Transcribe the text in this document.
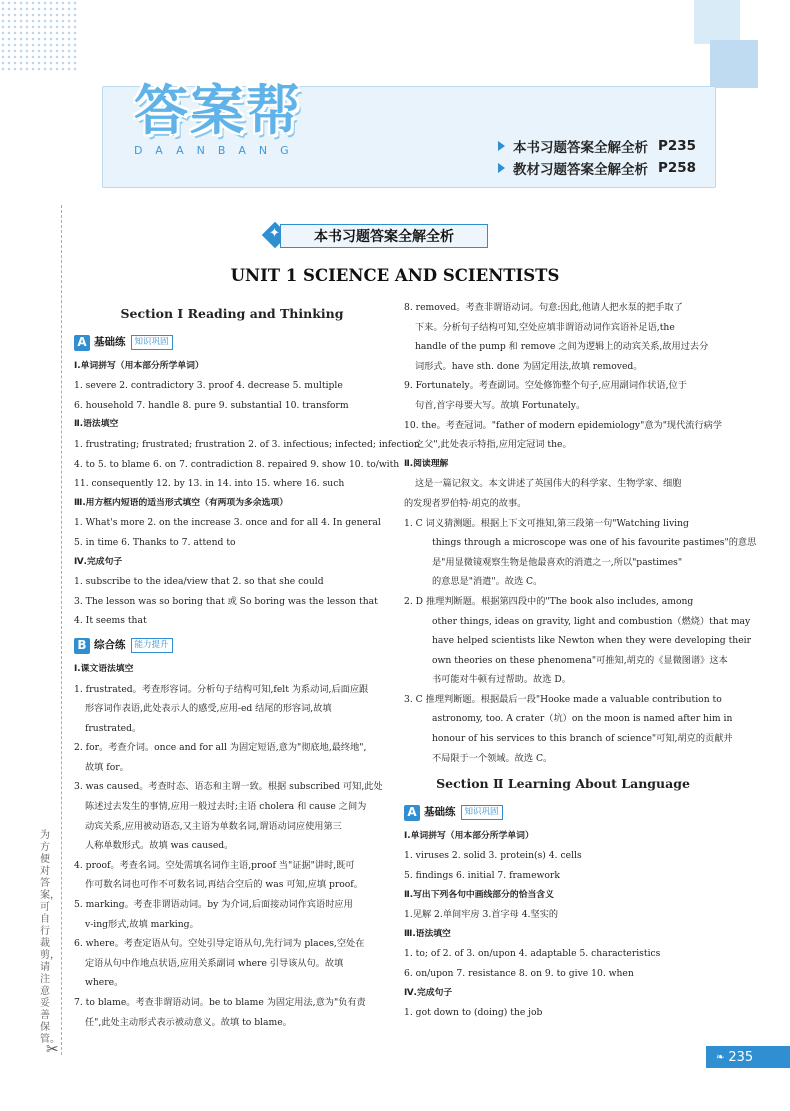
答案帮
DAANBANG	本书习题答案全解全析 P235
教材习题答案全解全析 P258
为方便对答案，可自行裁剪，请注意妥善保管。
✂
✦	本书习题答案全解全析
UNIT 1 SCIENCE AND SCIENTISTS
Section Ⅰ Reading and Thinking
A 基础练	知识巩固
Ⅰ.单词拼写（用本部分所学单词）
1. severe 2. contradictory 3. proof 4. decrease 5. multiple
6. household 7. handle 8. pure 9. substantial 10. transform
Ⅱ.语法填空
1. frustrating; frustrated; frustration 2. of 3. infectious; infected; infection
4. to 5. to blame 6. on 7. contradiction 8. repaired 9. show 10. to/with
11. consequently 12. by 13. in 14. into 15. where 16. such
Ⅲ.用方框内短语的适当形式填空（有两项为多余选项）
1. What's more 2. on the increase 3. once and for all 4. In general
5. in time 6. Thanks to 7. attend to
Ⅳ.完成句子
1. subscribe to the idea/view that 2. so that she could
3. The lesson was so boring that 或 So boring was the lesson that
4. It seems that
B 综合练	能力提升
Ⅰ.课文语法填空
1. frustrated。考查形容词。分析句子结构可知,felt 为系动词,后面应跟
形容词作表语,此处表示人的感受,应用-ed 结尾的形容词,故填
frustrated。
2. for。考查介词。once and for all 为固定短语,意为"彻底地,最终地",
故填 for。
3. was caused。考查时态、语态和主谓一致。根据 subscribed 可知,此处
陈述过去发生的事情,应用一般过去时;主语 cholera 和 cause 之间为
动宾关系,应用被动语态,又主语为单数名词,谓语动词应使用第三
人称单数形式。故填 was caused。
4. proof。考查名词。空处需填名词作主语,proof 当"证据"讲时,既可
作可数名词也可作不可数名词,再结合空后的 was 可知,应填 proof。
5. marking。考查非谓语动词。by 为介词,后面接动词作宾语时应用
v-ing形式,故填 marking。
6. where。考查定语从句。空处引导定语从句,先行词为 places,空处在
定语从句中作地点状语,应用关系副词 where 引导该从句。故填
where。
7. to blame。考查非谓语动词。be to blame 为固定用法,意为"负有责
任",此处主动形式表示被动意义。故填 to blame。
8. removed。考查非谓语动词。句意:因此,他请人把水泵的把手取了
下来。分析句子结构可知,空处应填非谓语动词作宾语补足语,the
handle of the pump 和 remove 之间为逻辑上的动宾关系,故用过去分
词形式。have sth. done 为固定用法,故填 removed。
9. Fortunately。考查副词。空处修饰整个句子,应用副词作状语,位于
句首,首字母要大写。故填 Fortunately。
10. the。考查冠词。"father of modern epidemiology"意为"现代流行病学
之父",此处表示特指,应用定冠词 the。
Ⅱ.阅读理解
这是一篇记叙文。本文讲述了英国伟大的科学家、生物学家、细胞
的发现者罗伯特·胡克的故事。
1. C 词义猜测题。根据上下文可推知,第三段第一句"Watching living
things through a microscope was one of his favourite pastimes"的意思
是"用显微镜观察生物是他最喜欢的消遣之一,所以"pastimes"
的意思是"消遣"。故选 C。
2. D 推理判断题。根据第四段中的"The book also includes, among
other things, ideas on gravity, light and combustion（燃烧）that may
have helped scientists like Newton when they were developing their
own theories on these phenomena"可推知,胡克的《显微图谱》这本
书可能对牛顿有过帮助。故选 D。
3. C 推理判断题。根据最后一段"Hooke made a valuable contribution to
astronomy, too. A crater（坑）on the moon is named after him in
honour of his services to this branch of science"可知,胡克的贡献并
不局限于一个领域。故选 C。
Section Ⅱ Learning About Language
A 基础练	知识巩固
Ⅰ.单词拼写（用本部分所学单词）
1. viruses 2. solid 3. protein(s) 4. cells
5. findings 6. initial 7. framework
Ⅱ.写出下列各句中画线部分的恰当含义
1.见解 2.单间牢房 3.首字母 4.坚实的
Ⅲ.语法填空
1. to; of 2. of 3. on/upon 4. adaptable 5. characteristics
6. on/upon 7. resistance 8. on 9. to give 10. when
Ⅳ.完成句子
1. got down to (doing) the job
❧ 235
